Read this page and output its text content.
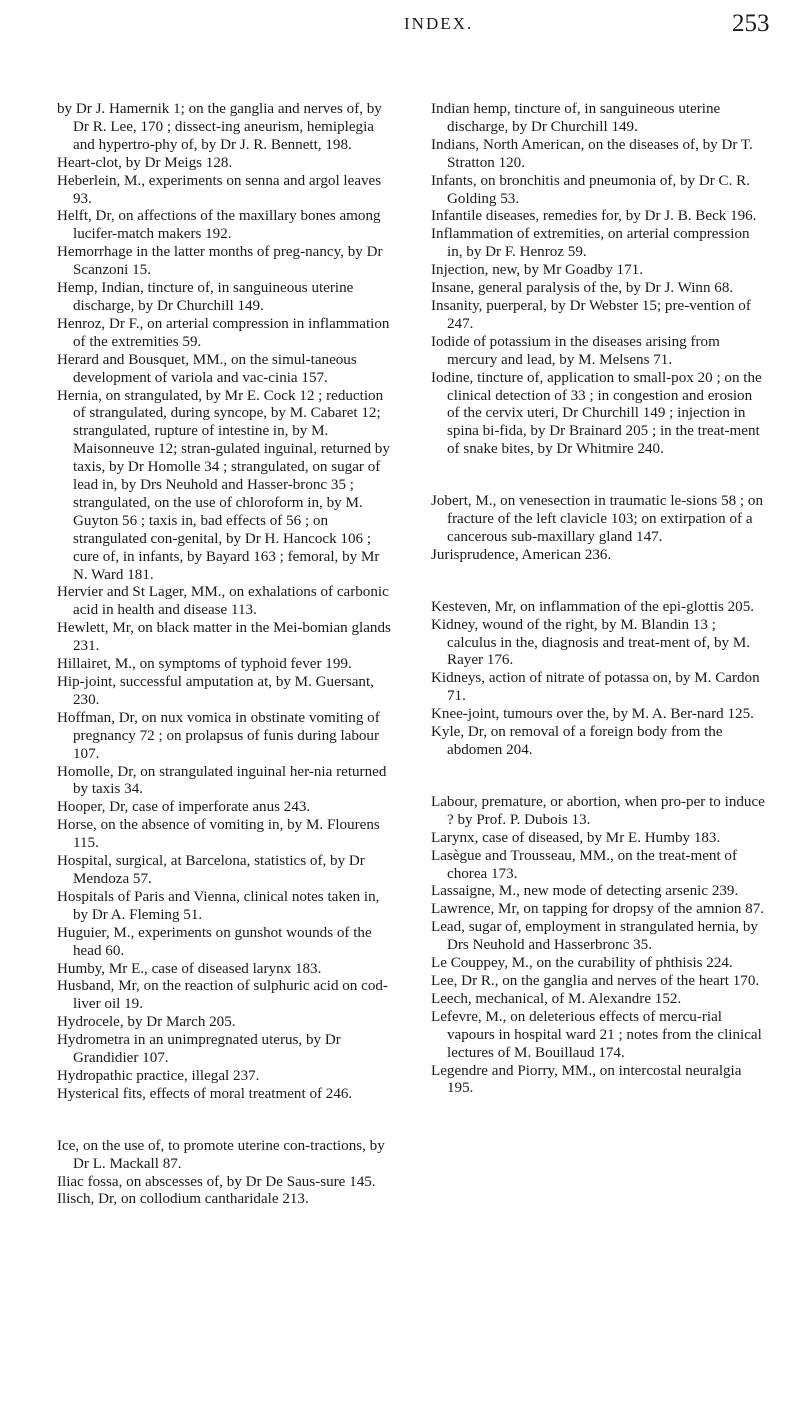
INDEX.	253

by Dr J. Hamernik 1; on the ganglia and nerves of, by Dr R. Lee, 170 ; dissect-ing aneurism, hemiplegia and hypertro-phy of, by Dr J. R. Bennett, 198.

Heart-clot, by Dr Meigs 128.

Heberlein, M., experiments on senna and argol leaves 93.

Helft, Dr, on affections of the maxillary bones among lucifer-match makers 192.

Hemorrhage in the latter months of preg-nancy, by Dr Scanzoni 15.

Hemp, Indian, tincture of, in sanguineous uterine discharge, by Dr Churchill 149.

Henroz, Dr F., on arterial compression in inflammation of the extremities 59.

Herard and Bousquet, MM., on the simul-taneous development of variola and vac-cinia 157.

Hernia, on strangulated, by Mr E. Cock 12 ; reduction of strangulated, during syncope, by M. Cabaret 12; strangulated, rupture of intestine in, by M. Maisonneuve 12; stran-gulated inguinal, returned by taxis, by Dr Homolle 34 ; strangulated, on sugar of lead in, by Drs Neuhold and Hasser-bronc 35 ; strangulated, on the use of chloroform in, by M. Guyton 56 ; taxis in, bad effects of 56 ; on strangulated con-genital, by Dr H. Hancock 106 ; cure of, in infants, by Bayard 163 ; femoral, by Mr N. Ward 181.

Hervier and St Lager, MM., on exhalations of carbonic acid in health and disease 113.

Hewlett, Mr, on black matter in the Mei-bomian glands 231.

Hillairet, M., on symptoms of typhoid fever 199.

Hip-joint, successful amputation at, by M. Guersant, 230.

Hoffman, Dr, on nux vomica in obstinate vomiting of pregnancy 72 ; on prolapsus of funis during labour 107.

Homolle, Dr, on strangulated inguinal her-nia returned by taxis 34.

Hooper, Dr, case of imperforate anus 243.

Horse, on the absence of vomiting in, by M. Flourens 115.

Hospital, surgical, at Barcelona, statistics of, by Dr Mendoza 57.

Hospitals of Paris and Vienna, clinical notes taken in, by Dr A. Fleming 51.

Huguier, M., experiments on gunshot wounds of the head 60.

Humby, Mr E., case of diseased larynx 183.

Husband, Mr, on the reaction of sulphuric acid on cod-liver oil 19.

Hydrocele, by Dr March 205.

Hydrometra in an unimpregnated uterus, by Dr Grandidier 107.

Hydropathic practice, illegal 237.

Hysterical fits, effects of moral treatment of 246.

Ice, on the use of, to promote uterine con-tractions, by Dr L. Mackall 87.

Iliac fossa, on abscesses of, by Dr De Saus-sure 145.

Ilisch, Dr, on collodium cantharidale 213.

Indian hemp, tincture of, in sanguineous uterine discharge, by Dr Churchill 149.

Indians, North American, on the diseases of, by Dr T. Stratton 120.

Infants, on bronchitis and pneumonia of, by Dr C. R. Golding 53.

Infantile diseases, remedies for, by Dr J. B. Beck 196.

Inflammation of extremities, on arterial compression in, by Dr F. Henroz 59.

Injection, new, by Mr Goadby 171.

Insane, general paralysis of the, by Dr J. Winn 68.

Insanity, puerperal, by Dr Webster 15; pre-vention of 247.

Iodide of potassium in the diseases arising from mercury and lead, by M. Melsens 71.

Iodine, tincture of, application to small-pox 20 ; on the clinical detection of 33 ; in congestion and erosion of the cervix uteri, Dr Churchill 149 ; injection in spina bi-fida, by Dr Brainard 205 ; in the treat-ment of snake bites, by Dr Whitmire 240.

Jobert, M., on venesection in traumatic le-sions 58 ; on fracture of the left clavicle 103; on extirpation of a cancerous sub-maxillary gland 147.

Jurisprudence, American 236.

Kesteven, Mr, on inflammation of the epi-glottis 205.

Kidney, wound of the right, by M. Blandin 13 ; calculus in the, diagnosis and treat-ment of, by M. Rayer 176.

Kidneys, action of nitrate of potassa on, by M. Cardon 71.

Knee-joint, tumours over the, by M. A. Ber-nard 125.

Kyle, Dr, on removal of a foreign body from the abdomen 204.

Labour, premature, or abortion, when pro-per to induce ? by Prof. P. Dubois 13.

Larynx, case of diseased, by Mr E. Humby 183.

Lasègue and Trousseau, MM., on the treat-ment of chorea 173.

Lassaigne, M., new mode of detecting arsenic 239.

Lawrence, Mr, on tapping for dropsy of the amnion 87.

Lead, sugar of, employment in strangulated hernia, by Drs Neuhold and Hasserbronc 35.

Le Couppey, M., on the curability of phthisis 224.

Lee, Dr R., on the ganglia and nerves of the heart 170.

Leech, mechanical, of M. Alexandre 152.

Lefevre, M., on deleterious effects of mercu-rial vapours in hospital ward 21 ; notes from the clinical lectures of M. Bouillaud 174.

Legendre and Piorry, MM., on intercostal neuralgia 195.
